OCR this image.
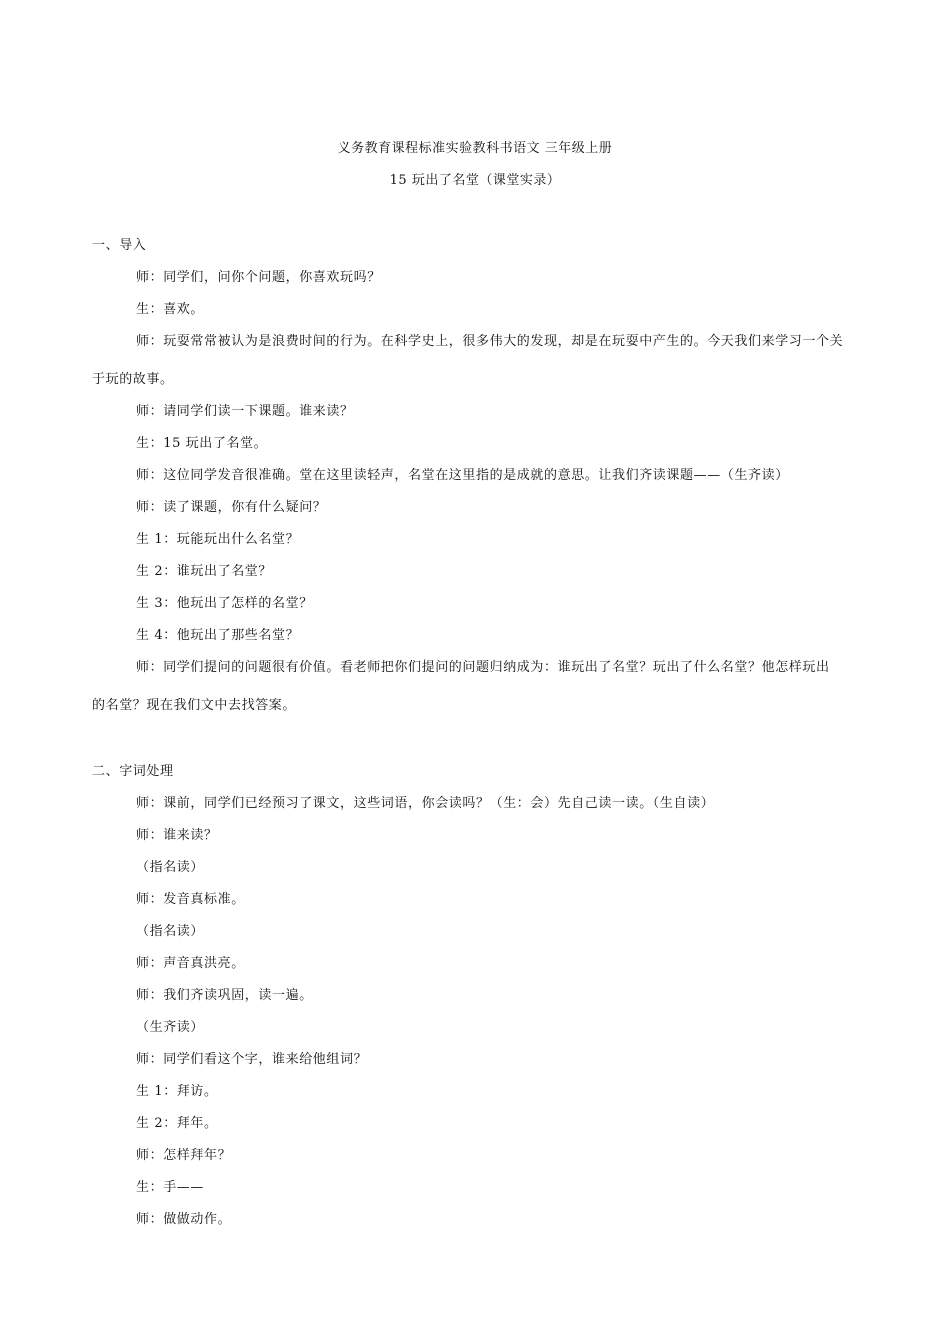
义务教育课程标准实验教科书语文 三年级上册
15 玩出了名堂（课堂实录）
一、导入
师：同学们，问你个问题，你喜欢玩吗？
生：喜欢。
师：玩耍常常被认为是浪费时间的行为。在科学史上，很多伟大的发现，却是在玩耍中产生的。今天我们来学习一个关
于玩的故事。
师：请同学们读一下课题。谁来读？
生：15 玩出了名堂。
师：这位同学发音很准确。堂在这里读轻声，名堂在这里指的是成就的意思。让我们齐读课题——（生齐读）
师：读了课题，你有什么疑问？
生 1：玩能玩出什么名堂？
生 2：谁玩出了名堂？
生 3：他玩出了怎样的名堂？
生 4：他玩出了那些名堂？
师：同学们提问的问题很有价值。看老师把你们提问的问题归纳成为：谁玩出了名堂？玩出了什么名堂？他怎样玩出
的名堂？现在我们文中去找答案。
二、字词处理
师：课前，同学们已经预习了课文，这些词语，你会读吗？（生：会）先自己读一读。（生自读）
师：谁来读？
（指名读）
师：发音真标准。
（指名读）
师：声音真洪亮。
师：我们齐读巩固，读一遍。
（生齐读）
师：同学们看这个字，谁来给他组词？
生 1：拜访。
生 2：拜年。
师：怎样拜年？
生：手——
师：做做动作。
